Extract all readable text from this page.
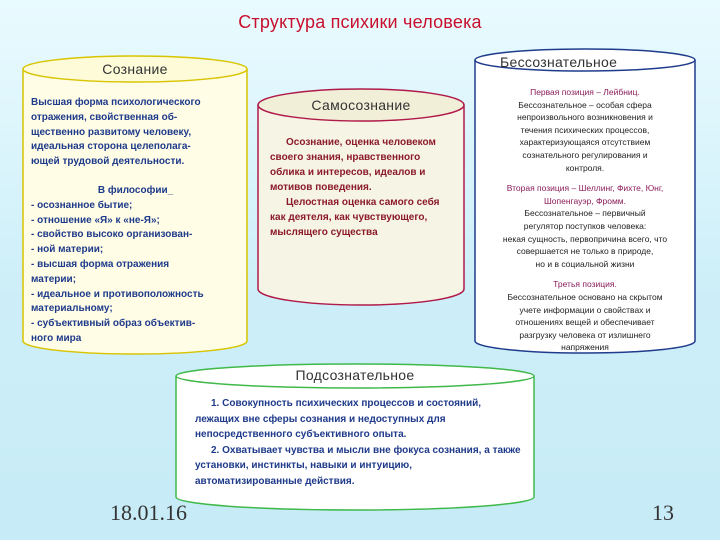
Структура психики человека
Сознание
Высшая форма психологического
отражения, свойственная об-
щественно развитому человеку,
идеальная сторона целеполага-
ющей трудовой деятельности.
В философии_
- осознанное бытие;
- отношение «Я» к «не-Я»;
- свойство высоко организован-
- ной материи;
- высшая форма отражения
материи;
- идеальное и противоположность
материальному;
- субъективный образ объектив-
ного мира
Самосознание

Осознание, оценка человеком своего знания, нравственного облика и интересов, идеалов и мотивов поведения.

Целостная оценка самого себя как деятеля, как чувствующего, мыслящего существа

Бессознательное
Первая позиция – Лейбниц.
Бессознательное – особая сфера
непроизвольного возникновения и
течения психических процессов,
характеризующаяся отсутствием
сознательного регулирования и
контроля.
Вторая позиция – Шеллинг, Фихте, Юнг,
Шопенгауэр, Фромм.
Бессознательное – первичный
регулятор поступков человека:
некая сущность, первопричина всего, что
совершается не только в природе,
но и в социальной жизни
Третья позиция.
Бессознательное основано на скрытом
учете информации о свойствах и
отношениях вещей и обеспечивает
разгрузку человека от излишнего
напряжения
Подсознательное

1. Совокупность психических процессов и состояний, лежащих вне сферы сознания и недоступных для непосредственного субъективного опыта.

2. Охватывает чувства и мысли вне фокуса сознания, а также установки, инстинкты, навыки и интуицию, автоматизированные действия.

18.01.16	13
